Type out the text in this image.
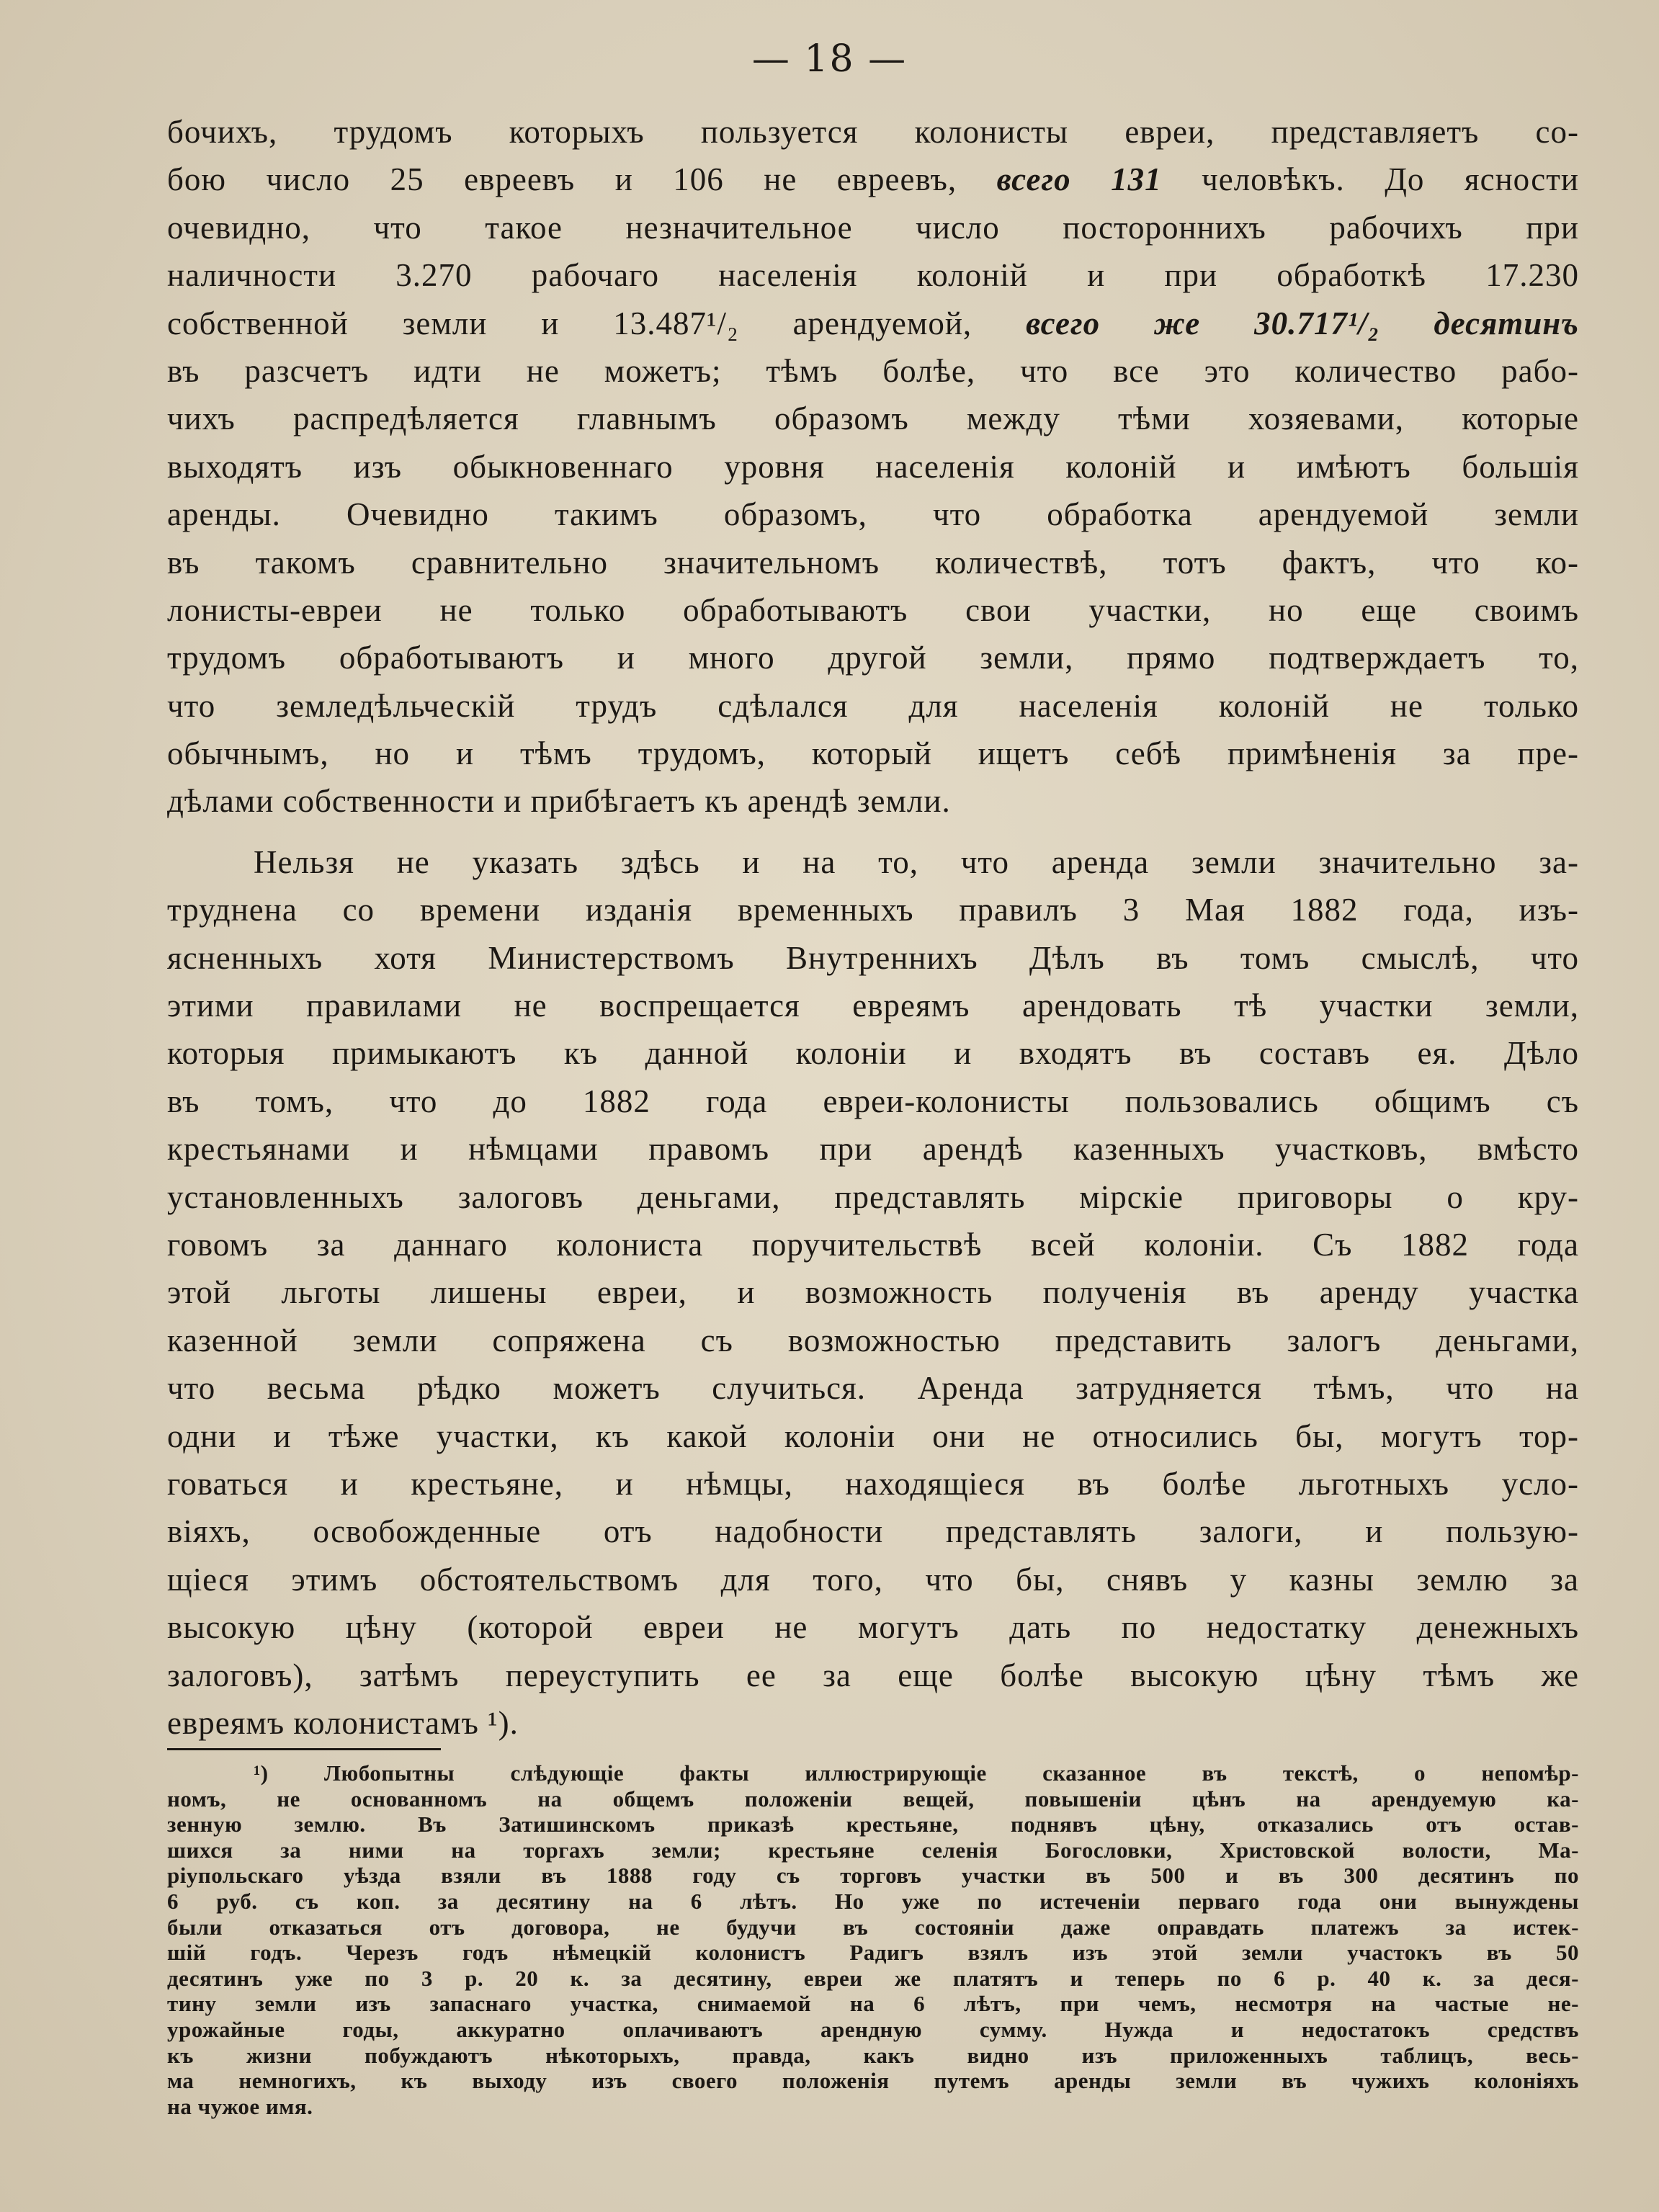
— 18 —
бочихъ, трудомъ которыхъ пользуется колонисты евреи, представляетъ со-
бою число 25 евреевъ и 106 не евреевъ, всего 131 человѣкъ. До ясности
очевидно, что такое незначительное число постороннихъ рабочихъ при
наличности 3.270 рабочаго населенія колоній и при обработкѣ 17.230
собственной земли и 13.487¹/₂ арендуемой, всего же 30.717¹/₂ десятинъ
въ разсчетъ идти не можетъ; тѣмъ болѣе, что все это количество рабо-
чихъ распредѣляется главнымъ образомъ между тѣми хозяевами, которые
выходятъ изъ обыкновеннаго уровня населенія колоній и имѣютъ большія
аренды. Очевидно такимъ образомъ, что обработка арендуемой земли
въ такомъ сравнительно значительномъ количествѣ, тотъ фактъ, что ко-
лонисты-евреи не только обработываютъ свои участки, но еще своимъ
трудомъ обработываютъ и много другой земли, прямо подтверждаетъ то,
что земледѣльческій трудъ сдѣлался для населенія колоній не только
обычнымъ, но и тѣмъ трудомъ, который ищетъ себѣ примѣненія за пре-
дѣлами собственности и прибѣгаетъ къ арендѣ земли.
Нельзя не указать здѣсь и на то, что аренда земли значительно за-
труднена со времени изданія временныхъ правилъ 3 Мая 1882 года, изъ-
ясненныхъ хотя Министерствомъ Внутреннихъ Дѣлъ въ томъ смыслѣ, что
этими правилами не воспрещается евреямъ арендовать тѣ участки земли,
которыя примыкаютъ къ данной колоніи и входятъ въ составъ ея. Дѣло
въ томъ, что до 1882 года евреи-колонисты пользовались общимъ съ
крестьянами и нѣмцами правомъ при арендѣ казенныхъ участковъ, вмѣсто
установленныхъ залоговъ деньгами, представлять мірскіе приговоры о кру-
говомъ за даннаго колониста поручительствѣ всей колоніи. Съ 1882 года
этой льготы лишены евреи, и возможность полученія въ аренду участка
казенной земли сопряжена съ возможностью представить залогъ деньгами,
что весьма рѣдко можетъ случиться. Аренда затрудняется тѣмъ, что на
одни и тѣже участки, къ какой колоніи они не относились бы, могутъ тор-
говаться и крестьяне, и нѣмцы, находящіеся въ болѣе льготныхъ усло-
віяхъ, освобожденные отъ надобности представлять залоги, и пользую-
щіеся этимъ обстоятельствомъ для того, что бы, снявъ у казны землю за
высокую цѣну (которой евреи не могутъ дать по недостатку денежныхъ
залоговъ), затѣмъ переуступить ее за еще болѣе высокую цѣну тѣмъ же
евреямъ колонистамъ ¹).
¹) Любопытны слѣдующіе факты иллюстрирующіе сказанное въ текстѣ, о непомѣр-
номъ, не основанномъ на общемъ положеніи вещей, повышеніи цѣнъ на арендуемую ка-
зенную землю. Въ Затишинскомъ приказѣ крестьяне, поднявъ цѣну, отказались отъ остав-
шихся за ними на торгахъ земли; крестьяне селенія Богословки, Христовской волости, Ма-
ріупольскаго уѣзда взяли въ 1888 году съ торговъ участки въ 500 и въ 300 десятинъ по
6 руб. съ коп. за десятину на 6 лѣтъ. Но уже по истеченіи перваго года они вынуждены
были отказаться отъ договора, не будучи въ состояніи даже оправдать платежъ за истек-
шій годъ. Черезъ годъ нѣмецкій колонистъ Радигъ взялъ изъ этой земли участокъ въ 50
десятинъ уже по 3 р. 20 к. за десятину, евреи же платятъ и теперь по 6 р. 40 к. за деся-
тину земли изъ запаснаго участка, снимаемой на 6 лѣтъ, при чемъ, несмотря на частые не-
урожайные годы, аккуратно оплачиваютъ арендную сумму. Нужда и недостатокъ средствъ
къ жизни побуждаютъ нѣкоторыхъ, правда, какъ видно изъ приложенныхъ таблицъ, весь-
ма немногихъ, къ выходу изъ своего положенія путемъ аренды земли въ чужихъ колоніяхъ
на чужое имя.
